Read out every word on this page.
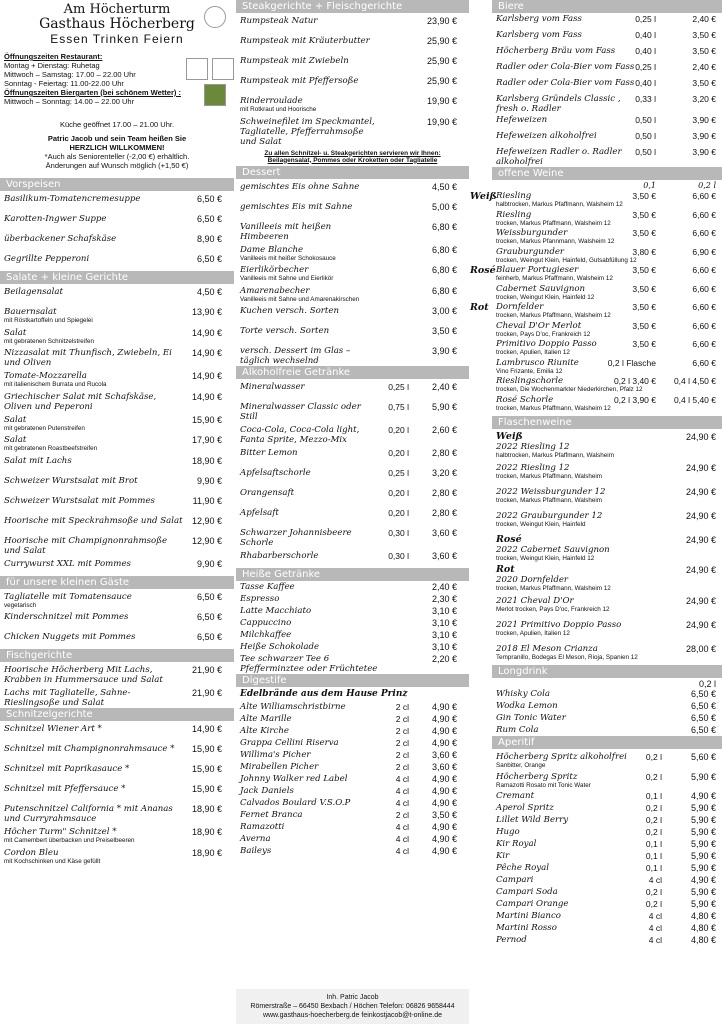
Am Höcherturm
Gasthaus Höcherberg
Essen Trinken Feiern
Öffnungszeiten Restaurant:
Montag + Dienstag: Ruhetag
Mittwoch – Samstag: 17.00 – 22.00 Uhr
Sonntag - Feiertag: 11.00-22.00 Uhr
Öffnungszeiten Biergarten (bei schönem Wetter) :
Mittwoch – Sonntag: 14.00 – 22.00 Uhr
Küche geöffnet 17.00 – 21.00 Uhr.
Patric Jacob und sein Team heißen Sie
HERZLICH WILLKOMMEN!
*Auch als Seniorenteller (-2,00 €) erhältlich.
Änderungen auf Wunsch möglich (+1,50 €)
Vorspeisen
Basilikum-Tomatencremesuppe	6,50 €
Karotten-Ingwer Suppe	6,50 €
überbackener Schafskäse	8,90 €
Gegrillte Pepperoni	6,50 €
Salate + kleine Gerichte
Beilagensalat	4,50 €
Bauernsalat
mit Röstkartoffeln und Spiegelei
13,90 €
Salat
mit gebratenen Schnitzelstreifen
14,90 €
Nizzasalat mit Thunfisch, Zwiebeln, Ei und Oliven
14,90 €
Tomate-Mozzarella
mit italienischem Burrata und Rucola
14,90 €
Griechischer Salat mit Schafskäse, Oliven und Peperoni
14,90 €
Salat
mit gebratenen Putenstreifen
15,90 €
Salat
mit gebratenen Roastbeefstreifen
17,90 €
Salat mit Lachs	18,90 €
Schweizer Wurstsalat mit Brot	9,90 €
Schweizer Wurstsalat mit Pommes	11,90 €
Hoorische mit Speckrahmsoße und Salat	12,90 €
Hoorische mit Champignonrahmsoße und Salat
12,90 €
Currywurst XXL mit Pommes	9,90 €
für unsere kleinen Gäste
Tagliatelle mit Tomatensauce
vegetarisch
6,50 €
Kinderschnitzel mit Pommes	6,50 €
Chicken Nuggets mit Pommes	6,50 €
Fischgerichte
Hoorische Höcherberg Mit Lachs, Krabben in Hummersauce und Salat
21,90 €
Lachs mit Tagliatelle, Sahne-Rieslingsoße und Salat
21,90 €
Schnitzelgerichte
Schnitzel Wiener Art *	14,90 €
Schnitzel mit Champignonrahmsauce *	15,90 €
Schnitzel mit Paprikasauce *	15,90 €
Schnitzel mit Pfeffersauce *	15,90 €
Putenschnitzel California * mit Ananas und Curryrahmsauce
18,90 €
Höcher Turm" Schnitzel *
mit Camembert überbacken und Preiselbeeren
18,90 €
Cordon Bleu
mit Kochschinken und Käse gefüllt
18,90 €
Steakgerichte + Fleischgerichte
Rumpsteak Natur	23,90 €
Rumpsteak mit Kräuterbutter	25,90 €
Rumpsteak mit Zwiebeln	25,90 €
Rumpsteak mit Pfeffersoße	25,90 €
Rinderroulade
mit Rotkraut und Hoorische
19,90 €
Schweinefilet im Speckmantel, Tagliatelle, Pfefferrahmsoße und Salat
19,90 €
Zu allen Schnitzel- u. Steakgerichten servieren wir Ihnen:
Beilagensalat, Pommes oder Kroketten oder Tagliatelle
Dessert
gemischtes Eis ohne Sahne	4,50 €
gemischtes Eis mit Sahne	5,00 €
Vanilleeis mit heißen Himbeeren
6,80 €
Dame Blanche
Vanilleeis mit heißer Schokosauce
6,80 €
Eierlikörbecher
Vanilleeis mit Sahne und Eierlikör
6,80 €
Amarenabecher
Vanilleeis mit Sahne und Amarenakirschen
6,80 €
Kuchen versch. Sorten	3,00 €
Torte versch. Sorten	3,50 €
versch. Dessert im Glas – täglich wechselnd
3,90 €
Alkoholfreie Getränke
Mineralwasser	0,25 l	2,40 €
Mineralwasser Classic oder Still
0,75 l	5,90 €
Coca-Cola, Coca-Cola light, Fanta Sprite, Mezzo-Mix
0,20 l	2,60 €
Bitter Lemon	0,20 l	2,80 €
Apfelsaftschorle	0,25 l	3,20 €
Orangensaft	0,20 l	2,80 €
Apfelsaft	0,20 l	2,80 €
Schwarzer Johannisbeere Schorle
0,30 l	3,60 €
Rhabarberschorle	0,30 l	3,60 €
Heiße Getränke
Tasse Kaffee	2,40 €
Espresso	2,30 €
Latte Macchiato	3,10 €
Cappuccino	3,10 €
Milchkaffee	3,10 €
Heiße Schokolade	3,10 €
Tee schwarzer Tee 6 Pfefferminztee oder Früchtetee
2,20 €
Digestife
Edelbrände aus dem Hause Prinz
Alte Williamschristbirne	2 cl	4,90 €
Alte Marille	2 cl	4,90 €
Alte Kirche	2 cl	4,90 €
Grappa Cellini Riserva	2 cl	4,90 €
Willima's Picher	2 cl	3,60 €
Mirabellen Picher	2 cl	3,60 €
Johnny Walker red Label	4 cl	4,90 €
Jack Daniels	4 cl	4,90 €
Calvados Boulard V.S.O.P	4 cl	4,90 €
Fernet Branca	2 cl	3,50 €
Ramazotti	4 cl	4,90 €
Averna	4 cl	4,90 €
Baileys	4 cl	4,90 €
Inh. Patric Jacob
Römerstraße – 66450 Bexbach / Höchen Telefon: 06826 9658444
www.gasthaus-hoecherberg.de feinkostjacob@t-online.de
Biere
Karlsberg vom Fass	0,25 l	2,40 €
Karlsberg vom Fass	0,40 l	3,50 €
Höcherberg Bräu vom Fass	0,40 l	3,50 €
Radler oder Cola-Bier vom Fass 0,25 l	2,40 €
Radler oder Cola-Bier vom Fass 0,40 l	3,50 €
Karlsberg Gründels Classic , fresh o. Radler
0,33 l	3,20 €
Hefeweizen	0,50 l	3,90 €
Hefeweizen alkoholfrei	0,50 l	3,90 €
Hefeweizen Radler o. Radler alkoholfrei
0,50 l	3,90 €
offene Weine
0,1	0,2 l
Riesling
halbtrocken, Markus Pfaffmann, Walsheim 12
3,50 €	6,60 €
Weiß
Riesling
trocken, Markus Pfaffmann, Walsheim 12
3,50 €	6,60 €
Weissburgunder
trocken, Markus Pfannmann, Walsheim 12
3,50 €	6,60 €
Grauburgunder
trocken, Weingut Klein, Hainfeld, Gutsabfüllung 12
3,80 €	6,90 €
Blauer Portugieser
feinherb, Markus Pfaffmann, Walsheim 12
3,50 €	6,60 €
Rosé
Cabernet Sauvignon
trocken, Weingut Klein, Hainfeld 12
3,50 €	6,60 €
Dornfelder
trocken, Markus Pfaffmann, Walsheim 12
3,50 €	6,60 €
Rot
Cheval D'Or Merlot
trocken, Pays D'oc, Frankreich 12
3,50 €	6,60 €
Primitivo Doppio Passo
trocken, Apulien, Italien 12
3,50 €	6,60 €
Lambrusco Riunite
Vino Frizante, Emilia 12
0,2 l Flasche	6,60 €
Rieslingschorle
trocken, Die Wochenmarkter Niederkirchen, Pfalz 12
0,2 l 3,40 € 0,4 l 4,50 €
Rosé Schorle
trocken, Markus Pfaffmann, Walsheim 12
0,2 l 3,90 € 0,4 l 5,40 €
Flaschenweine
Weiß
2022 Riesling 12
halbtrocken, Markus Pfaffmann, Walsheim
24,90 €
2022 Riesling 12
trocken, Markus Pfaffmann, Walsheim
24,90 €
2022 Weissburgunder 12
trocken, Markus Pfaffmann, Walsheim
24,90 €
2022 Grauburgunder 12
trocken, Weingut Klein, Hainfeld
24,90 €
Rosé
2022 Cabernet Sauvignon
trocken, Weingut Klein, Hainfeld 12
24,90 €
Rot
2020 Dornfelder
trocken, Markus Pfaffmann, Walsheim 12
24,90 €
2021 Cheval D'Or
Merlot trocken, Pays D'oc, Frankreich 12
24,90 €
2021 Primitivo Doppio Passo
trocken, Apulien, Italien 12
24,90 €
2018 El Meson Crianza
Tempranillo, Bodegas El Meson, Rioja, Spanien 12
28,00 €
Longdrink
0,2 l
Whisky Cola	6,50 €
Wodka Lemon	6,50 €
Gin Tonic Water	6,50 €
Rum Cola	6,50 €
Aperitif
Höcherberg Spritz alkoholfrei
Sanbitter, Orange
0,2 l	5,60 €
Höcherberg Spritz
Ramazotti Rosato mit Tonic Water
0,2 l	5,90 €
Cremant	0,1 l	4,90 €
Aperol Spritz	0,2 l	5,90 €
Lillet Wild Berry	0,2 l	5,90 €
Hugo	0,2 l	5,90 €
Kir Royal	0,1 l	5,90 €
Kir	0,1 l	5,90 €
Pêche Royal	0,1 l	5,90 €
Campari	4 cl	4,90 €
Campari Soda	0,2 l	5,90 €
Campari Orange	0,2 l	5,90 €
Martini Bianco	4 cl	4,80 €
Martini Rosso	4 cl	4,80 €
Pernod	4 cl	4,80 €
